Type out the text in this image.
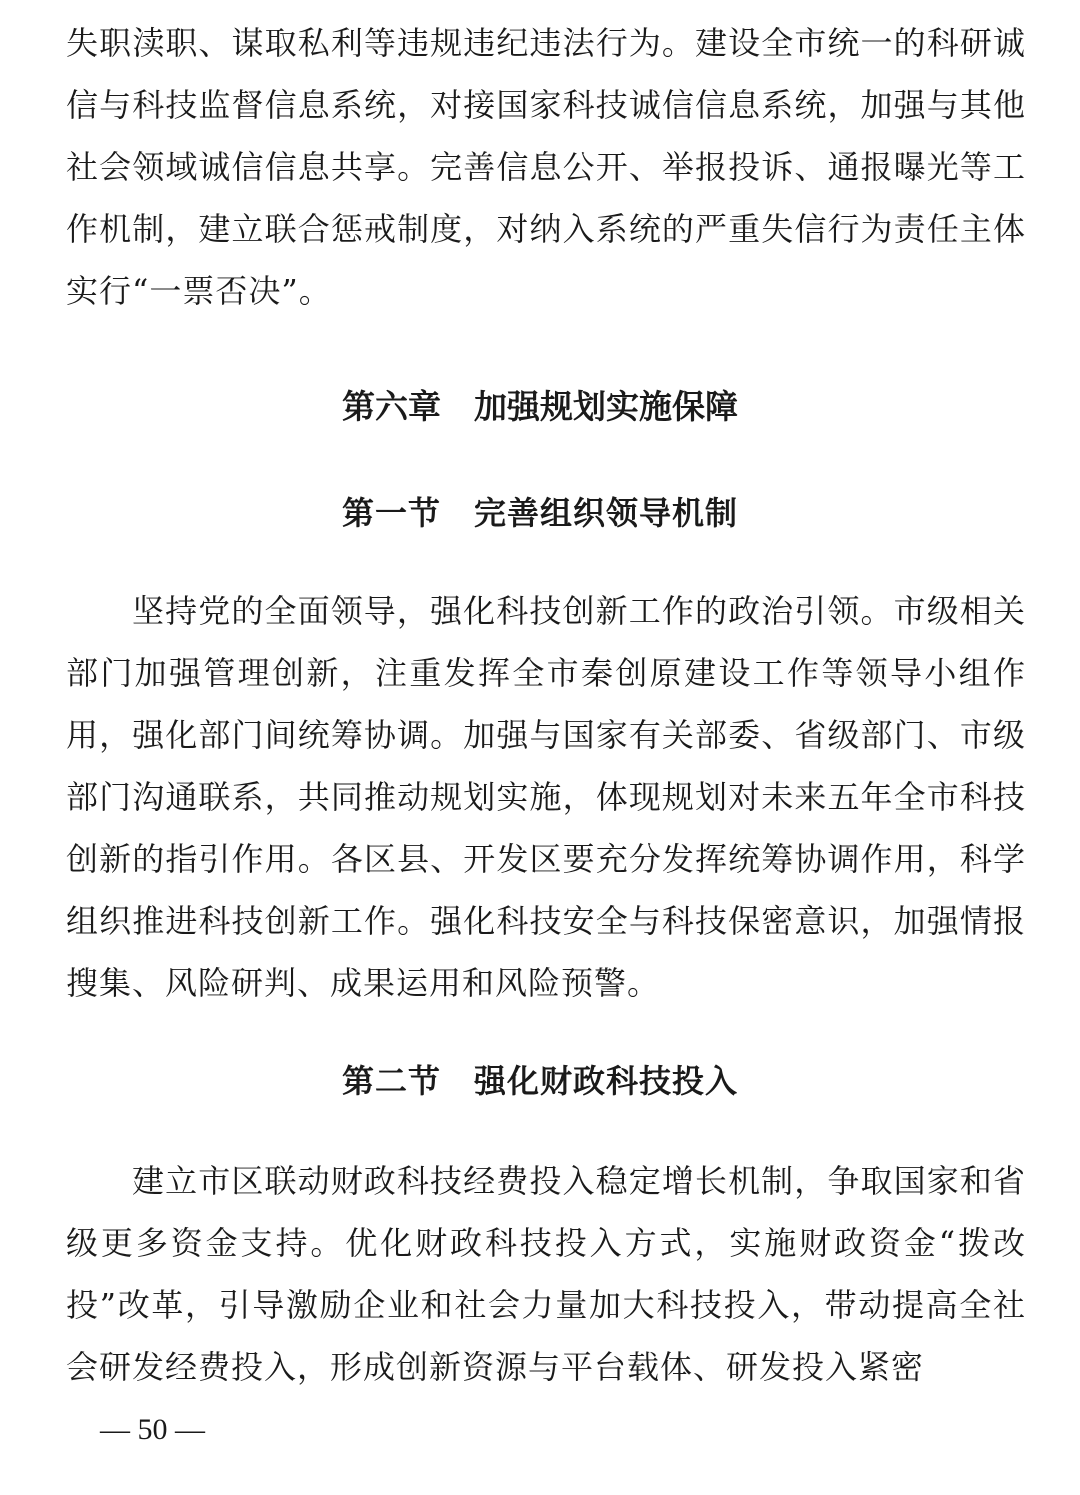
失职渎职、谋取私利等违规违纪违法行为。建设全市统一的科研诚信与科技监督信息系统，对接国家科技诚信信息系统，加强与其他社会领域诚信信息共享。完善信息公开、举报投诉、通报曝光等工作机制，建立联合惩戒制度，对纳入系统的严重失信行为责任主体实行“一票否决”。

第六章　加强规划实施保障
第一节　完善组织领导机制

坚持党的全面领导，强化科技创新工作的政治引领。市级相关部门加强管理创新，注重发挥全市秦创原建设工作等领导小组作用，强化部门间统筹协调。加强与国家有关部委、省级部门、市级部门沟通联系，共同推动规划实施，体现规划对未来五年全市科技创新的指引作用。各区县、开发区要充分发挥统筹协调作用，科学组织推进科技创新工作。强化科技安全与科技保密意识，加强情报搜集、风险研判、成果运用和风险预警。

第二节　强化财政科技投入

建立市区联动财政科技经费投入稳定增长机制，争取国家和省级更多资金支持。优化财政科技投入方式，实施财政资金“拨改投”改革，引导激励企业和社会力量加大科技投入，带动提高全社会研发经费投入，形成创新资源与平台载体、研发投入紧密

— 50 —
